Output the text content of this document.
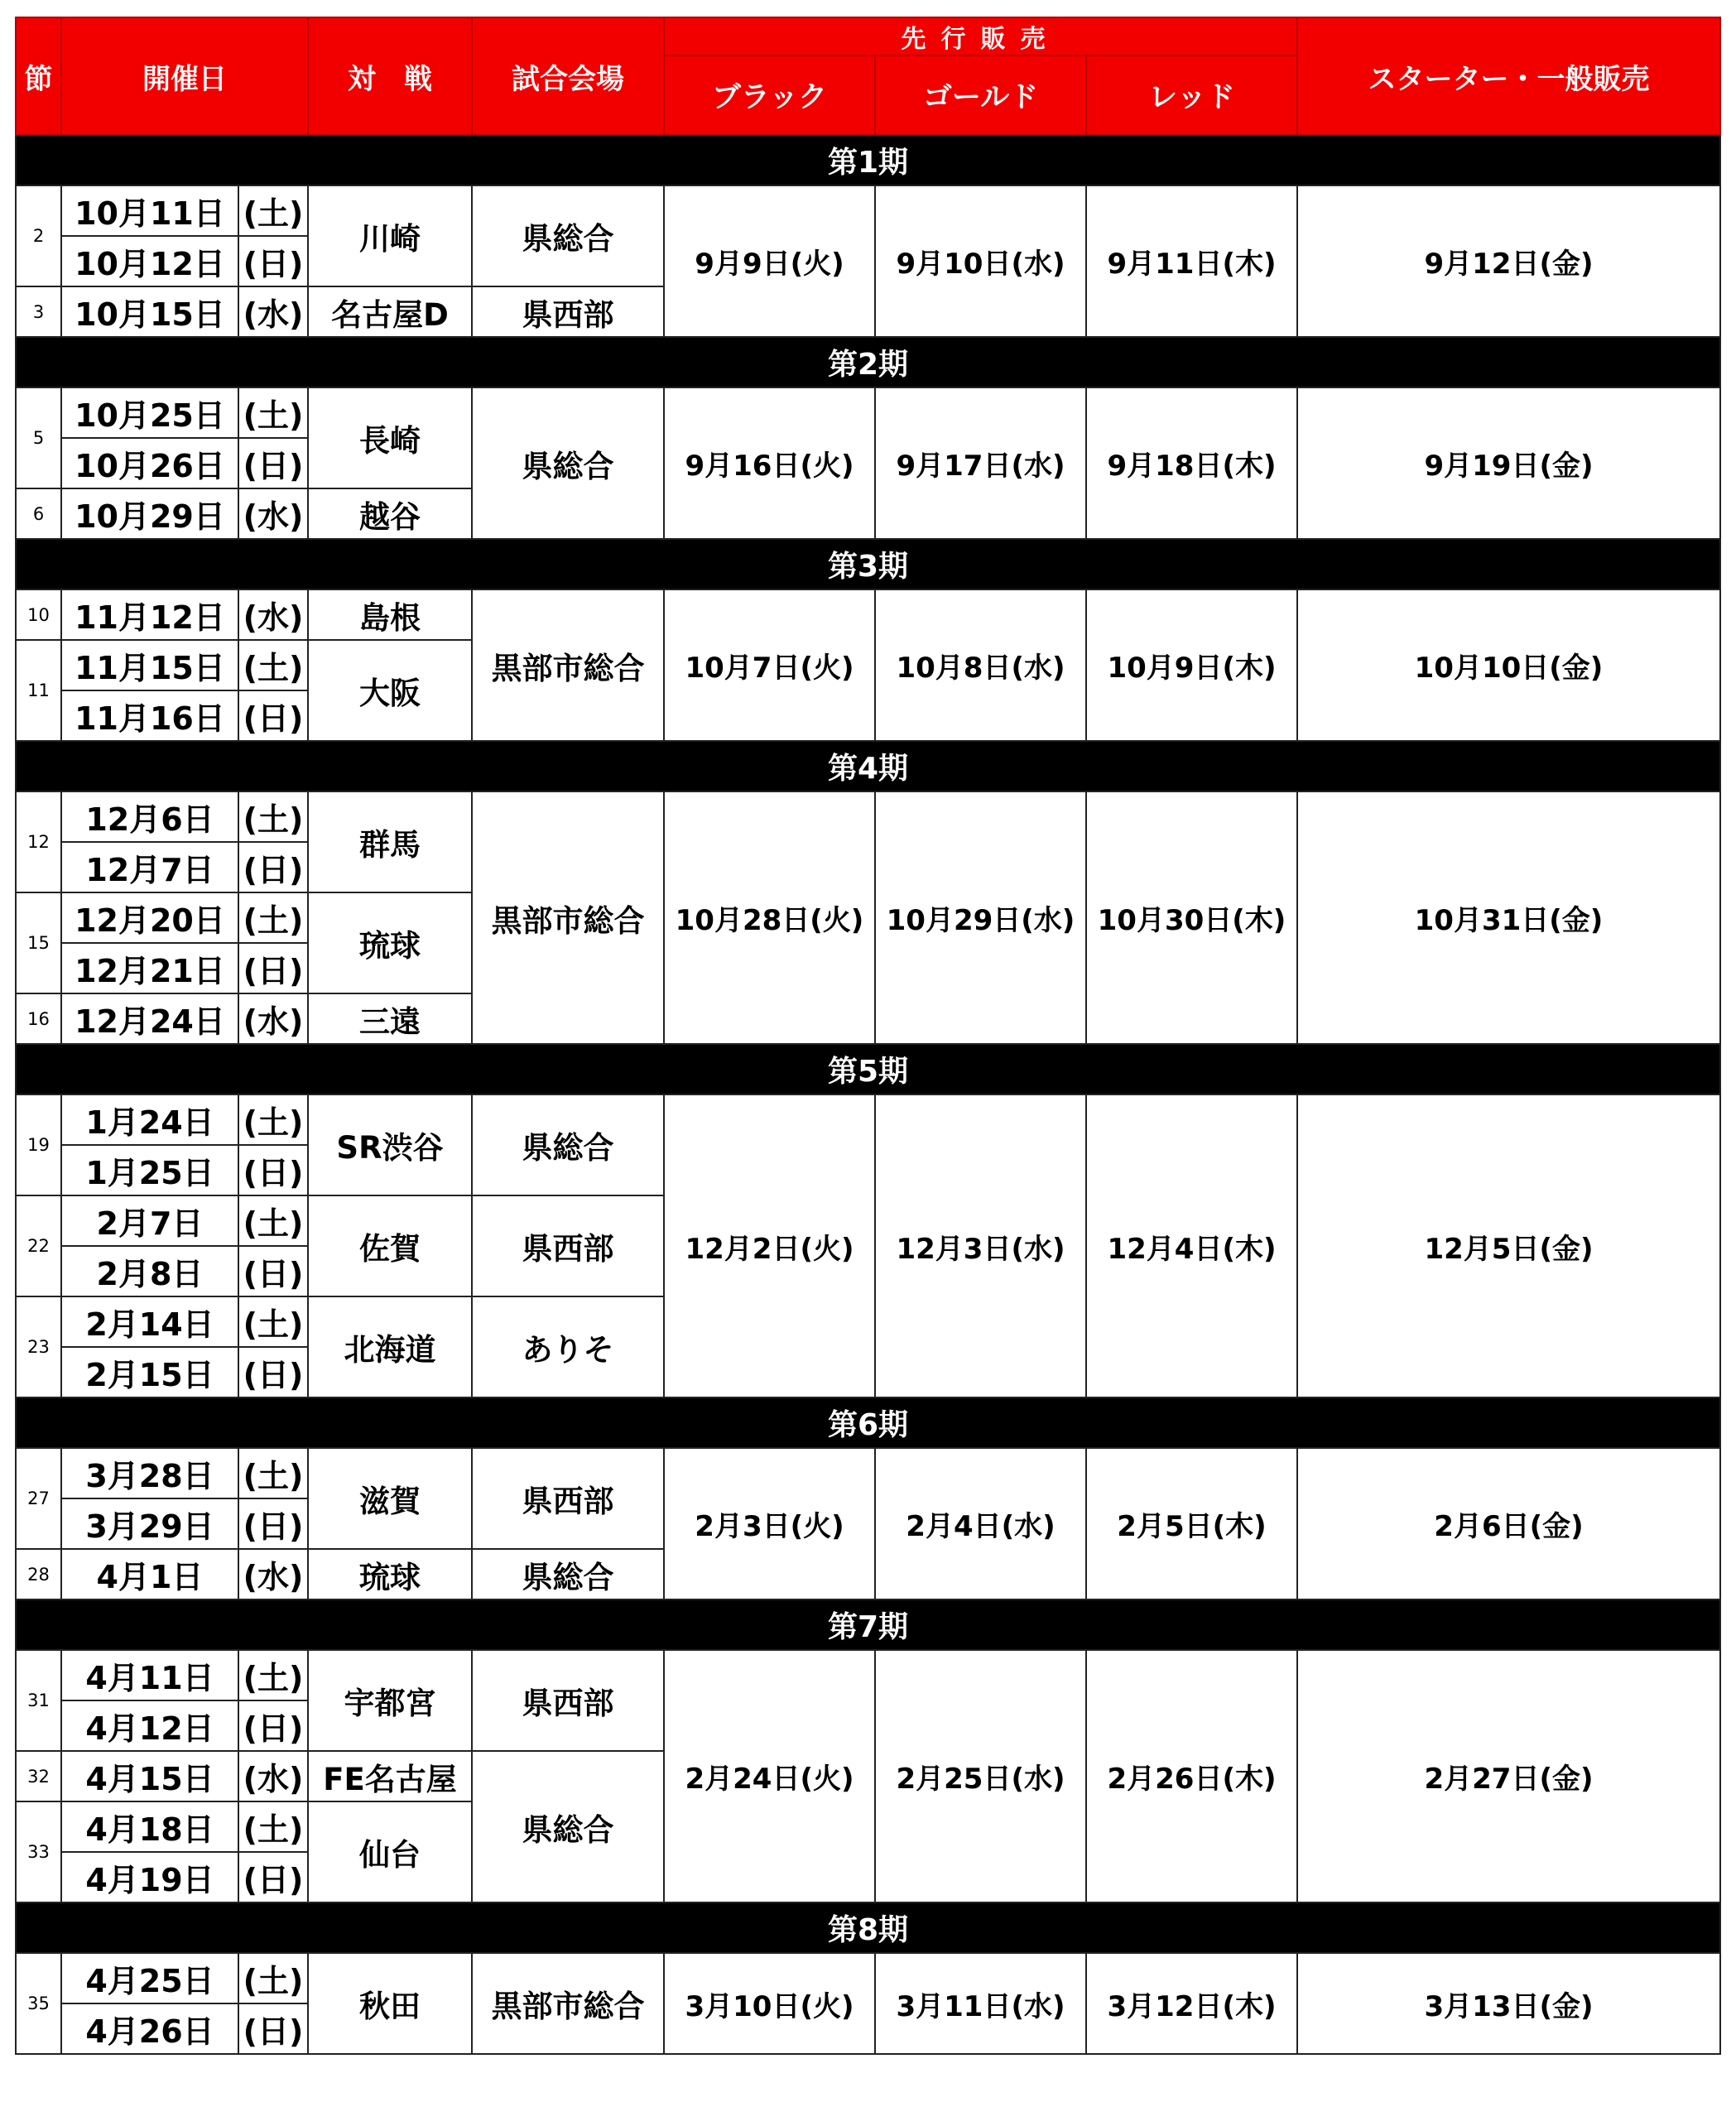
節	開催日		対　戦	試合会場	先行販売			スターター・一般販売
					ブラック	ゴールド	レッド	
第1期								
2	10月11日	(土)	川崎	県総合	9月9日(火)	9月10日(水)	9月11日(木)	9月12日(金)
	10月12日	(日)						
3	10月15日	(水)	名古屋D	県西部				
第2期								
5	10月25日	(土)	長崎	県総合	9月16日(火)	9月17日(水)	9月18日(木)	9月19日(金)
	10月26日	(日)						
6	10月29日	(水)	越谷					
第3期								
10	11月12日	(水)	島根	黒部市総合	10月7日(火)	10月8日(水)	10月9日(木)	10月10日(金)
11	11月15日	(土)	大阪					
	11月16日	(日)						
第4期								
12	12月6日	(土)	群馬	黒部市総合	10月28日(火)	10月29日(水)	10月30日(木)	10月31日(金)
	12月7日	(日)						
15	12月20日	(土)	琉球					
	12月21日	(日)						
16	12月24日	(水)	三遠					
第5期								
19	1月24日	(土)	SR渋谷	県総合	12月2日(火)	12月3日(水)	12月4日(木)	12月5日(金)
	1月25日	(日)						
22	2月7日	(土)	佐賀	県西部				
	2月8日	(日)						
23	2月14日	(土)	北海道	ありそ				
	2月15日	(日)						
第6期								
27	3月28日	(土)	滋賀	県西部	2月3日(火)	2月4日(水)	2月5日(木)	2月6日(金)
	3月29日	(日)						
28	4月1日	(水)	琉球	県総合				
第7期								
31	4月11日	(土)	宇都宮	県西部	2月24日(火)	2月25日(水)	2月26日(木)	2月27日(金)
	4月12日	(日)						
32	4月15日	(水)	FE名古屋	県総合				
33	4月18日	(土)	仙台					
	4月19日	(日)						
第8期								
35	4月25日	(土)	秋田	黒部市総合	3月10日(火)	3月11日(水)	3月12日(木)	3月13日(金)
	4月26日	(日)						
